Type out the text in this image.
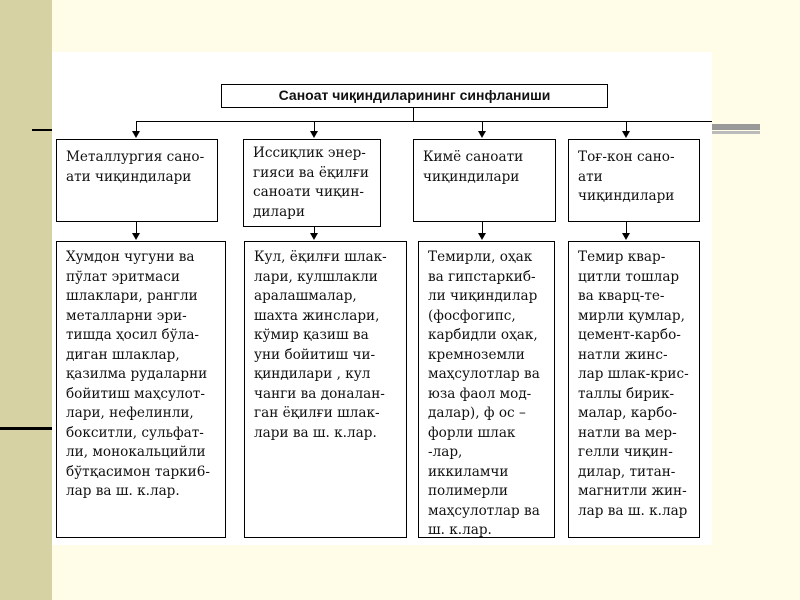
Саноат чиқиндиларининг синфланиши
Металлургия сано-ати чиқиндилари
Иссиқлик энер-гияси ва ёқилғи саноати чиқин-дилари
Кимё саноати чиқиндилари
Тоғ-кон сано-ати чиқиндилари
Хумдон чугуни ва пўлат эритмаси шлаклари, рангли металларни эри-тишда ҳосил бўла-диган шлаклар, қазилма рудаларни бойитиш маҳсулот-лари, нефелинли, бокситли, сульфат-ли, монокальцийли бўтқасимон тарки6-лар ва ш. к.лар.
Кул, ёқилғи шлак-лари, кулшлакли аралашмалар, шахта жинслари, кўмир қазиш ва уни бойитиш чи-қиндилари , кул чанги ва доналан-ган ёқилғи шлак-лари ва ш. к.лар.
Темирли, оҳак ва гипстаркиб-ли чиқиндилар (фосфогипс, карбидли оҳак, кремноземли маҳсулотлар ва юза фаол мод-далар), ф ос – форли шлак -лар, иккиламчи полимерли маҳсулотлар ва ш. к.лар.
Темир квар-цитли тошлар ва кварц-те-мирли қумлар, цемент-карбо-натли жинс-лар шлак-крис-таллы бирик-малар, карбо-натли ва мер-гелли чиқин-дилар, титан-магнитли жин-лар ва ш. к.лар
